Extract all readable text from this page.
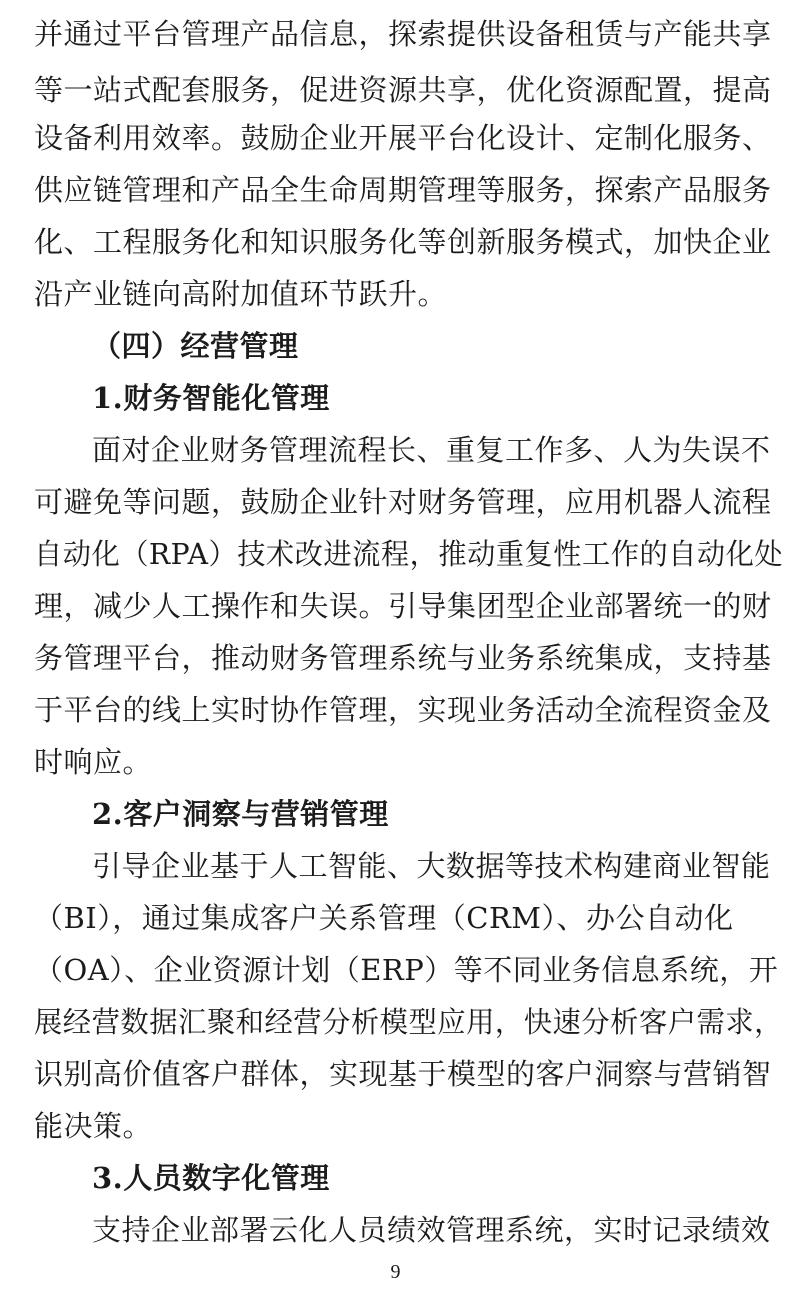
并通过平台管理产品信息，探索提供设备租赁与产能共享
等一站式配套服务，促进资源共享，优化资源配置，提高
设备利用效率。鼓励企业开展平台化设计、定制化服务、
供应链管理和产品全生命周期管理等服务，探索产品服务
化、工程服务化和知识服务化等创新服务模式，加快企业
沿产业链向高附加值环节跃升。
（四）经营管理
1.财务智能化管理
面对企业财务管理流程长、重复工作多、人为失误不
可避免等问题，鼓励企业针对财务管理，应用机器人流程
自动化（RPA）技术改进流程，推动重复性工作的自动化处
理，减少人工操作和失误。引导集团型企业部署统一的财
务管理平台，推动财务管理系统与业务系统集成，支持基
于平台的线上实时协作管理，实现业务活动全流程资金及
时响应。
2.客户洞察与营销管理
引导企业基于人工智能、大数据等技术构建商业智能
（BI），通过集成客户关系管理（CRM）、办公自动化
（OA）、企业资源计划（ERP）等不同业务信息系统，开
展经营数据汇聚和经营分析模型应用，快速分析客户需求，
识别高价值客户群体，实现基于模型的客户洞察与营销智
能决策。
3.人员数字化管理
支持企业部署云化人员绩效管理系统，实时记录绩效
9
